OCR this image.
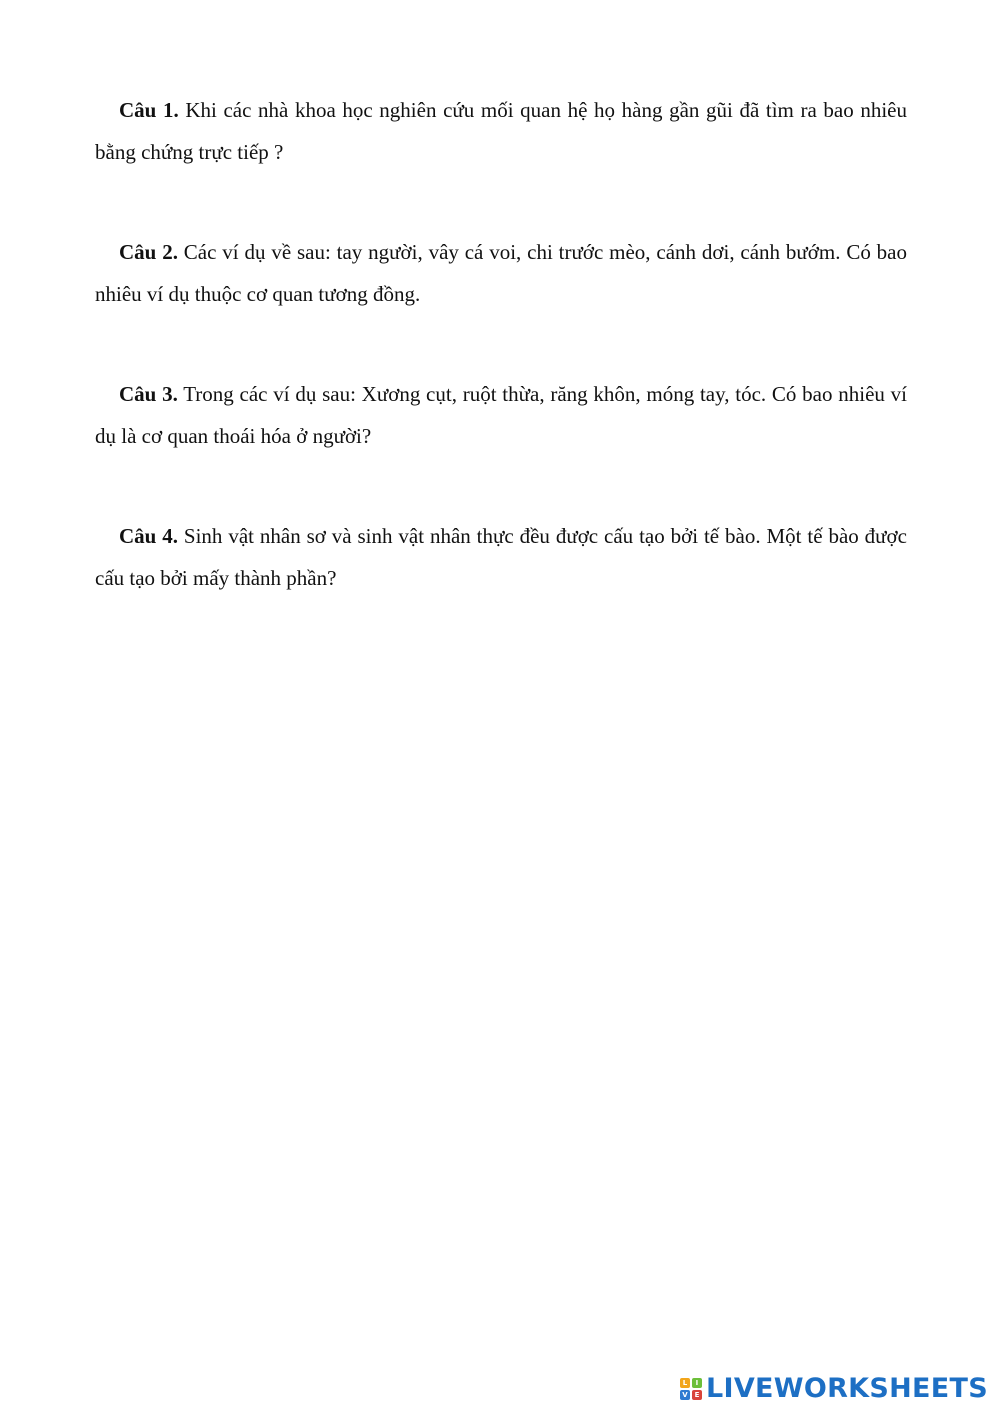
Câu 1. Khi các nhà khoa học nghiên cứu mối quan hệ họ hàng gần gũi đã tìm ra bao nhiêu bằng chứng trực tiếp ?

Câu 2. Các ví dụ về sau: tay người, vây cá voi, chi trước mèo, cánh dơi, cánh bướm. Có bao nhiêu ví dụ thuộc cơ quan tương đồng.

Câu 3. Trong các ví dụ sau: Xương cụt, ruột thừa, răng khôn, móng tay, tóc. Có bao nhiêu ví dụ là cơ quan thoái hóa ở người?

Câu 4. Sinh vật nhân sơ và sinh vật nhân thực đều được cấu tạo bởi tế bào. Một tế bào được cấu tạo bởi mấy thành phần?

L	I
V E LIVEWORKSHEETS
